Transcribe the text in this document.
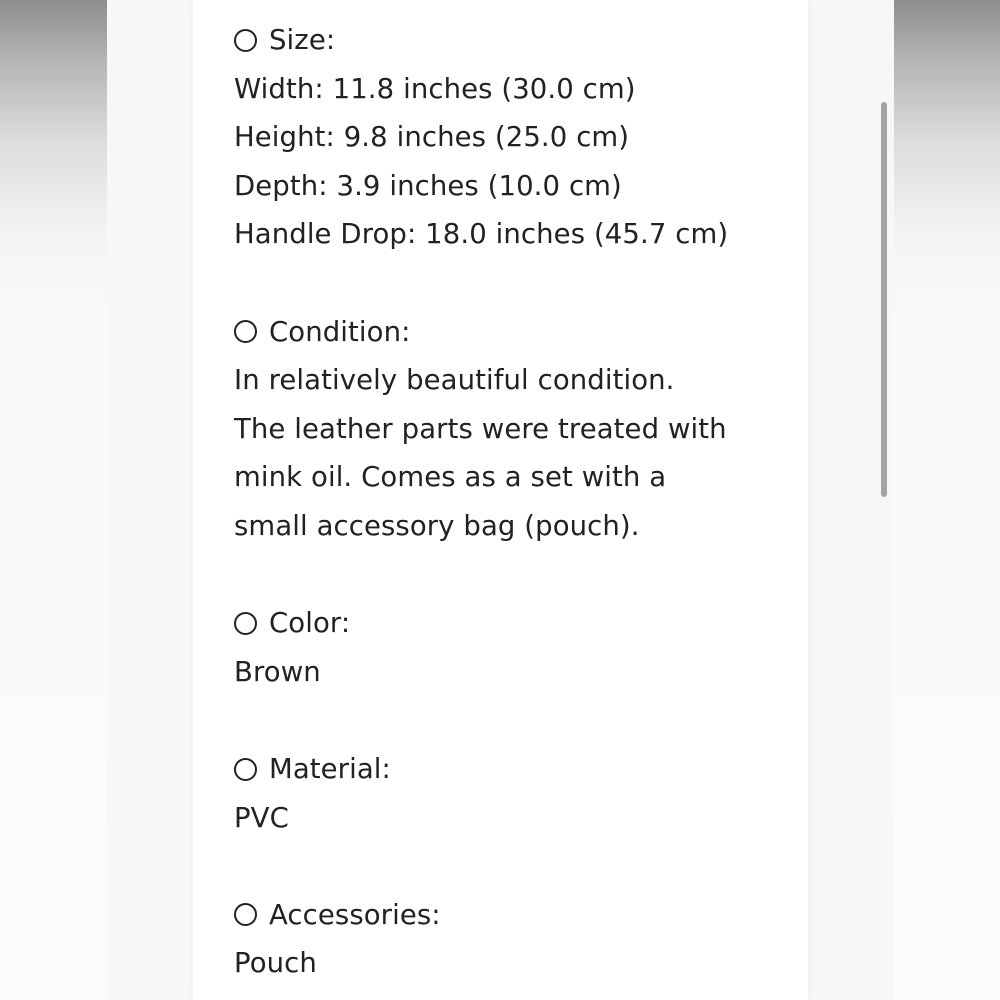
Size:
Width: 11.8 inches (30.0 cm)
Height: 9.8 inches (25.0 cm)
Depth: 3.9 inches (10.0 cm)
Handle Drop: 18.0 inches (45.7 cm)
Condition:
In relatively beautiful condition.
The leather parts were treated with
mink oil. Comes as a set with a
small accessory bag (pouch).
Color:
Brown
Material:
PVC
Accessories:
Pouch
